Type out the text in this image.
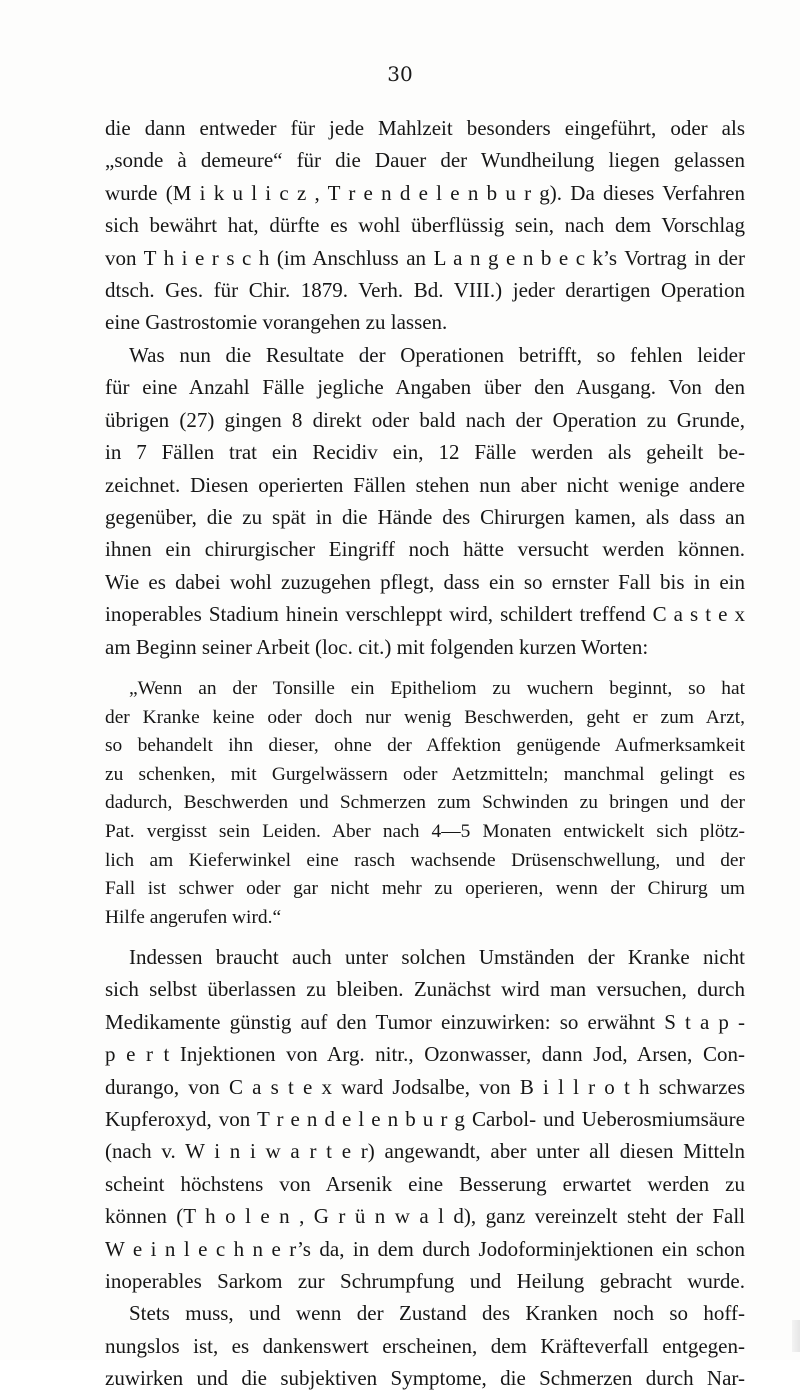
30
die dann entweder für jede Mahlzeit besonders eingeführt, oder als
„sonde à demeure“ für die Dauer der Wundheilung liegen gelassen
wurde (M i k u l i c z , T r e n d e l e n b u r g). Da dieses Verfahren
sich bewährt hat, dürfte es wohl überflüssig sein, nach dem Vorschlag
von T h i e r s c h (im Anschluss an L a n g e n b e c k’s Vortrag in der
dtsch. Ges. für Chir. 1879. Verh. Bd. VIII.) jeder derartigen Operation
eine Gastrostomie vorangehen zu lassen.
Was nun die Resultate der Operationen betrifft, so fehlen leider
für eine Anzahl Fälle jegliche Angaben über den Ausgang. Von den
übrigen (27) gingen 8 direkt oder bald nach der Operation zu Grunde,
in 7 Fällen trat ein Recidiv ein, 12 Fälle werden als geheilt be-
zeichnet. Diesen operierten Fällen stehen nun aber nicht wenige andere
gegenüber, die zu spät in die Hände des Chirurgen kamen, als dass an
ihnen ein chirurgischer Eingriff noch hätte versucht werden können.
Wie es dabei wohl zuzugehen pflegt, dass ein so ernster Fall bis in ein
inoperables Stadium hinein verschleppt wird, schildert treffend C a s t e x
am Beginn seiner Arbeit (loc. cit.) mit folgenden kurzen Worten:
„Wenn an der Tonsille ein Epitheliom zu wuchern beginnt, so hat
der Kranke keine oder doch nur wenig Beschwerden, geht er zum Arzt,
so behandelt ihn dieser, ohne der Affektion genügende Aufmerksamkeit
zu schenken, mit Gurgelwässern oder Aetzmitteln; manchmal gelingt es
dadurch, Beschwerden und Schmerzen zum Schwinden zu bringen und der
Pat. vergisst sein Leiden. Aber nach 4—5 Monaten entwickelt sich plötz-
lich am Kieferwinkel eine rasch wachsende Drüsenschwellung, und der
Fall ist schwer oder gar nicht mehr zu operieren, wenn der Chirurg um
Hilfe angerufen wird.“
Indessen braucht auch unter solchen Umständen der Kranke nicht
sich selbst überlassen zu bleiben. Zunächst wird man versuchen, durch
Medikamente günstig auf den Tumor einzuwirken: so erwähnt S t a p -
p e r t Injektionen von Arg. nitr., Ozonwasser, dann Jod, Arsen, Con-
durango, von C a s t e x ward Jodsalbe, von B i l l r o t h schwarzes
Kupferoxyd, von T r e n d e l e n b u r g Carbol- und Ueberosmiumsäure
(nach v. W i n i w a r t e r) angewandt, aber unter all diesen Mitteln
scheint höchstens von Arsenik eine Besserung erwartet werden zu
können (T h o l e n , G r ü n w a l d), ganz vereinzelt steht der Fall
W e i n l e c h n e r’s da, in dem durch Jodoforminjektionen ein schon
inoperables Sarkom zur Schrumpfung und Heilung gebracht wurde.
Stets muss, und wenn der Zustand des Kranken noch so hoff-
nungslos ist, es dankenswert erscheinen, dem Kräfteverfall entgegen-
zuwirken und die subjektiven Symptome, die Schmerzen durch Nar-
